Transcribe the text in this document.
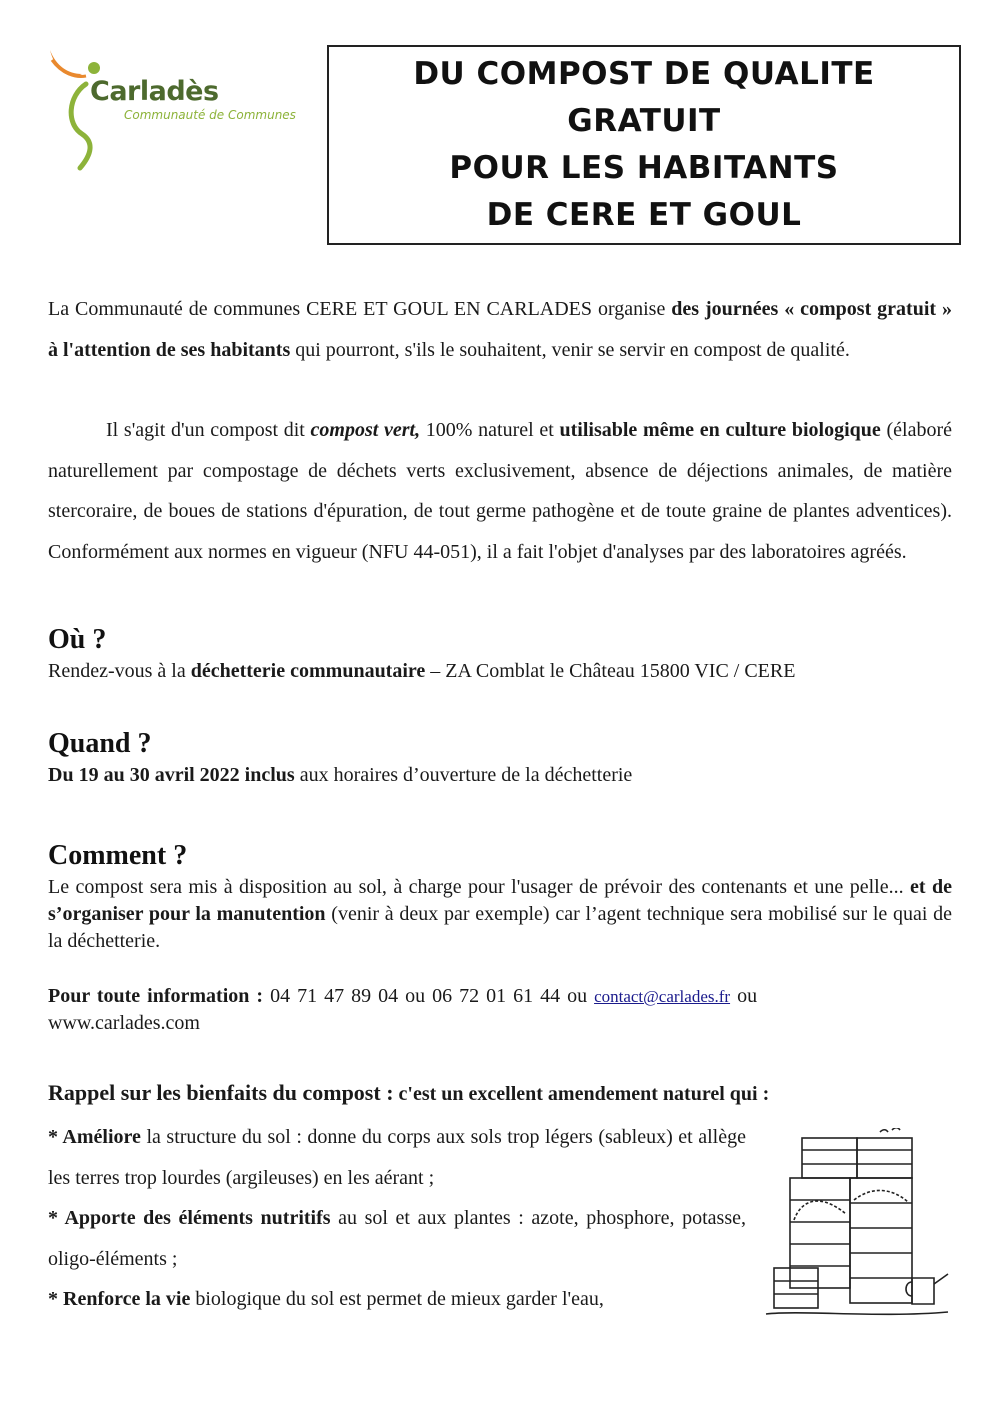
Carladès
Communauté de Communes
DU COMPOST DE QUALITE
GRATUIT
POUR LES HABITANTS
DE CERE ET GOUL

La Communauté de communes CERE ET GOUL EN CARLADES organise des journées « compost gratuit » à l'attention de ses habitants qui pourront, s'ils le souhaitent, venir se servir en compost de qualité.

Il s'agit d'un compost dit compost vert, 100% naturel et utilisable même en culture biologique (élaboré naturellement par compostage de déchets verts exclusivement, absence de déjections animales, de matière stercoraire, de boues de stations d'épuration, de tout germe pathogène et de toute graine de plantes adventices). Conformément aux normes en vigueur (NFU 44-051), il a fait l'objet d'analyses par des laboratoires agréés.

Où ?

Rendez-vous à la déchetterie communautaire – ZA Comblat le Château 15800 VIC / CERE

Quand ?

Du 19 au 30 avril 2022 inclus aux horaires d’ouverture de la déchetterie

Comment ?

Le compost sera mis à disposition au sol, à charge pour l'usager de prévoir des contenants et une pelle... et de s’organiser pour la manutention (venir à deux par exemple) car l’agent technique sera mobilisé sur le quai de la déchetterie.

Pour toute information : 04 71 47 89 04 ou 06 72 01 61 44 ou contact@carlades.fr ou
www.carlades.com

Rappel sur les bienfaits du compost : c'est un excellent amendement naturel qui :

* Améliore la structure du sol : donne du corps aux sols trop légers (sableux) et allège les terres trop lourdes (argileuses) en les aérant ;

* Apporte des éléments nutritifs au sol et aux plantes : azote, phosphore, potasse, oligo-éléments ;

* Renforce la vie biologique du sol est permet de mieux garder l'eau,
